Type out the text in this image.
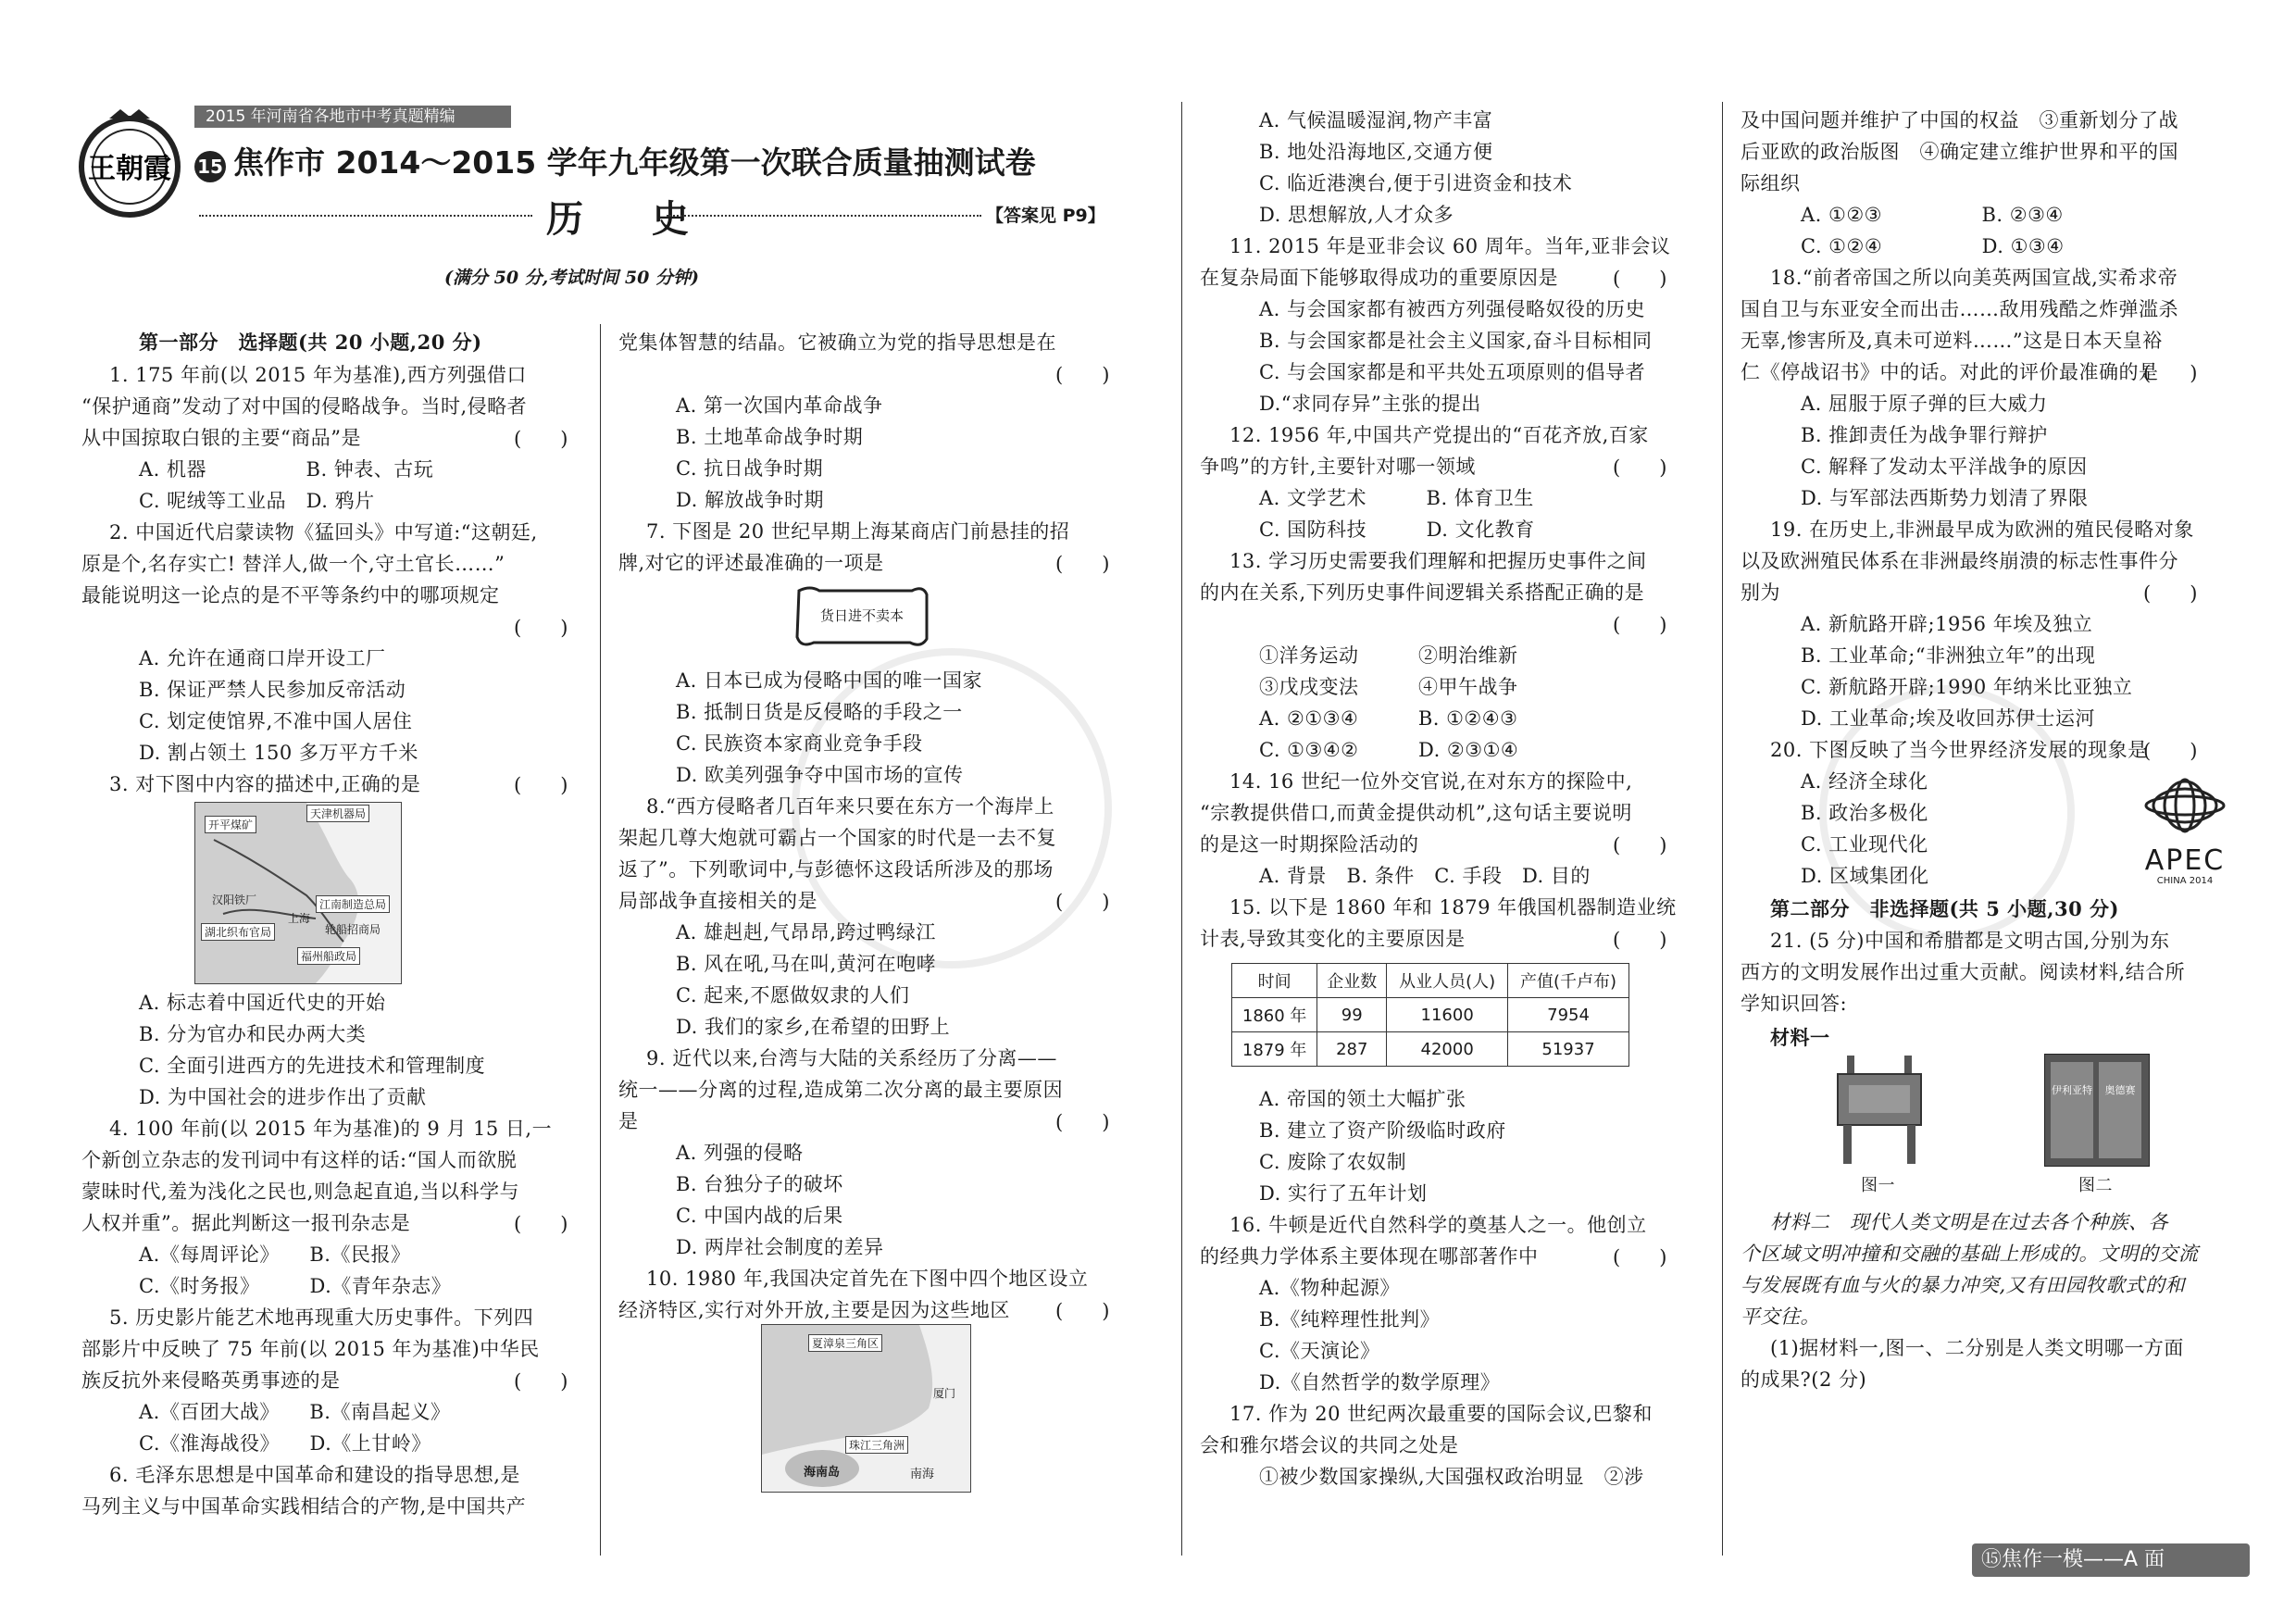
王朝霞
2015 年河南省各地市中考真题精编
15 焦作市 2014～2015 学年九年级第一次联合质量抽测试卷
历 史	【答案见 P9】
(满分 50 分,考试时间 50 分钟)
第一部分　选择题(共 20 小题,20 分)
1. 175 年前(以 2015 年为基准),西方列强借口
“保护通商”发动了对中国的侵略战争。当时,侵略者
从中国掠取白银的主要“商品”是	(　　)
A. 机器　　　　　B. 钟表、古玩
C. 呢绒等工业品　D. 鸦片
2. 中国近代启蒙读物《猛回头》中写道:“这朝廷,
原是个,名存实亡! 替洋人,做一个,守土官长……”
最能说明这一论点的是不平等条约中的哪项规定
(　　)
A. 允许在通商口岸开设工厂
B. 保证严禁人民参加反帝活动
C. 划定使馆界,不准中国人居住
D. 割占领土 150 多万平方千米
3. 对下图中内容的描述中,正确的是	(　　)
开平煤矿
天津机器局
江南制造总局
上海
汉阳铁厂
湖北织布官局
福州船政局
轮船招商局
A. 标志着中国近代史的开始
B. 分为官办和民办两大类
C. 全面引进西方的先进技术和管理制度
D. 为中国社会的进步作出了贡献
4. 100 年前(以 2015 年为基准)的 9 月 15 日,一
个新创立杂志的发刊词中有这样的话:“国人而欲脱
蒙昧时代,羞为浅化之民也,则急起直追,当以科学与
人权并重”。据此判断这一报刊杂志是	(　　)
A.《每周评论》　　B.《民报》
C.《时务报》　　　D.《青年杂志》
5. 历史影片能艺术地再现重大历史事件。下列四
部影片中反映了 75 年前(以 2015 年为基准)中华民
族反抗外来侵略英勇事迹的是	(　　)
A.《百团大战》　　B.《南昌起义》
C.《淮海战役》　　D.《上甘岭》
6. 毛泽东思想是中国革命和建设的指导思想,是
马列主义与中国革命实践相结合的产物,是中国共产
党集体智慧的结晶。它被确立为党的指导思想是在
(　　)
A. 第一次国内革命战争
B. 土地革命战争时期
C. 抗日战争时期
D. 解放战争时期
7. 下图是 20 世纪早期上海某商店门前悬挂的招
牌,对它的评述最准确的一项是	(　　)
货日进不卖本
A. 日本已成为侵略中国的唯一国家
B. 抵制日货是反侵略的手段之一
C. 民族资本家商业竞争手段
D. 欧美列强争夺中国市场的宣传
8.“西方侵略者几百年来只要在东方一个海岸上
架起几尊大炮就可霸占一个国家的时代是一去不复
返了”。下列歌词中,与彭德怀这段话所涉及的那场
局部战争直接相关的是	(　　)
A. 雄赳赳,气昂昂,跨过鸭绿江
B. 风在吼,马在叫,黄河在咆哮
C. 起来,不愿做奴隶的人们
D. 我们的家乡,在希望的田野上
9. 近代以来,台湾与大陆的关系经历了分离——
统一——分离的过程,造成第二次分离的最主要原因
是	(　　)
A. 列强的侵略
B. 台独分子的破坏
C. 中国内战的后果
D. 两岸社会制度的差异
10. 1980 年,我国决定首先在下图中四个地区设立
经济特区,实行对外开放,主要是因为这些地区 (　　)
夏漳泉三角区
厦门
珠江三角洲
海南岛	南海
A. 气候温暖湿润,物产丰富
B. 地处沿海地区,交通方便
C. 临近港澳台,便于引进资金和技术
D. 思想解放,人才众多
11. 2015 年是亚非会议 60 周年。当年,亚非会议
在复杂局面下能够取得成功的重要原因是	(　　)
A. 与会国家都有被西方列强侵略奴役的历史
B. 与会国家都是社会主义国家,奋斗目标相同
C. 与会国家都是和平共处五项原则的倡导者
D.“求同存异”主张的提出
12. 1956 年,中国共产党提出的“百花齐放,百家
争鸣”的方针,主要针对哪一领域	(　　)
A. 文学艺术　　　B. 体育卫生
C. 国防科技　　　D. 文化教育
13. 学习历史需要我们理解和把握历史事件之间
的内在关系,下列历史事件间逻辑关系搭配正确的是
(　　)
①洋务运动　　　②明治维新
③戊戌变法　　　④甲午战争
A. ②①③④　　　B. ①②④③
C. ①③④②　　　D. ②③①④
14. 16 世纪一位外交官说,在对东方的探险中,
“宗教提供借口,而黄金提供动机”,这句话主要说明
的是这一时期探险活动的	(　　)
A. 背景　B. 条件　C. 手段　D. 目的
15. 以下是 1860 年和 1879 年俄国机器制造业统
计表,导致其变化的主要原因是	(　　)
时间	企业数	从业人员(人)	产值(千卢布)
1860 年	99	11600	7954
1879 年	287	42000	51937
A. 帝国的领土大幅扩张
B. 建立了资产阶级临时政府
C. 废除了农奴制
D. 实行了五年计划
16. 牛顿是近代自然科学的奠基人之一。他创立
的经典力学体系主要体现在哪部著作中	(　　)
A.《物种起源》
B.《纯粹理性批判》
C.《天演论》
D.《自然哲学的数学原理》
17. 作为 20 世纪两次最重要的国际会议,巴黎和
会和雅尔塔会议的共同之处是
①被少数国家操纵,大国强权政治明显　②涉
及中国问题并维护了中国的权益　③重新划分了战
后亚欧的政治版图　④确定建立维护世界和平的国
际组织
A. ①②③　　　　　B. ②③④
C. ①②④　　　　　D. ①③④
18.“前者帝国之所以向美英两国宣战,实希求帝
国自卫与东亚安全而出击……敌用残酷之炸弹滥杀
无辜,惨害所及,真未可逆料……”这是日本天皇裕
仁《停战诏书》中的话。对此的评价最准确的是
(　　)
A. 屈服于原子弹的巨大威力
B. 推卸责任为战争罪行辩护
C. 解释了发动太平洋战争的原因
D. 与军部法西斯势力划清了界限
19. 在历史上,非洲最早成为欧洲的殖民侵略对象
以及欧洲殖民体系在非洲最终崩溃的标志性事件分
别为	(　　)
A. 新航路开辟;1956 年埃及独立
B. 工业革命;“非洲独立年”的出现
C. 新航路开辟;1990 年纳米比亚独立
D. 工业革命;埃及收回苏伊士运河
20. 下图反映了当今世界经济发展的现象是
(　　)
A. 经济全球化
B. 政治多极化
C. 工业现代化
D. 区域集团化	APEC
CHINA 2014
第二部分　非选择题(共 5 小题,30 分)
21. (5 分)中国和希腊都是文明古国,分别为东
西方的文明发展作出过重大贡献。阅读材料,结合所
学知识回答:
材料一
图一
伊利亚特	奥德赛
图二
材料二　现代人类文明是在过去各个种族、各
个区域文明冲撞和交融的基础上形成的。文明的交流
与发展既有血与火的暴力冲突,又有田园牧歌式的和
平交往。
(1)据材料一,图一、二分别是人类文明哪一方面
的成果?(2 分)
⑮焦作一模——A 面
